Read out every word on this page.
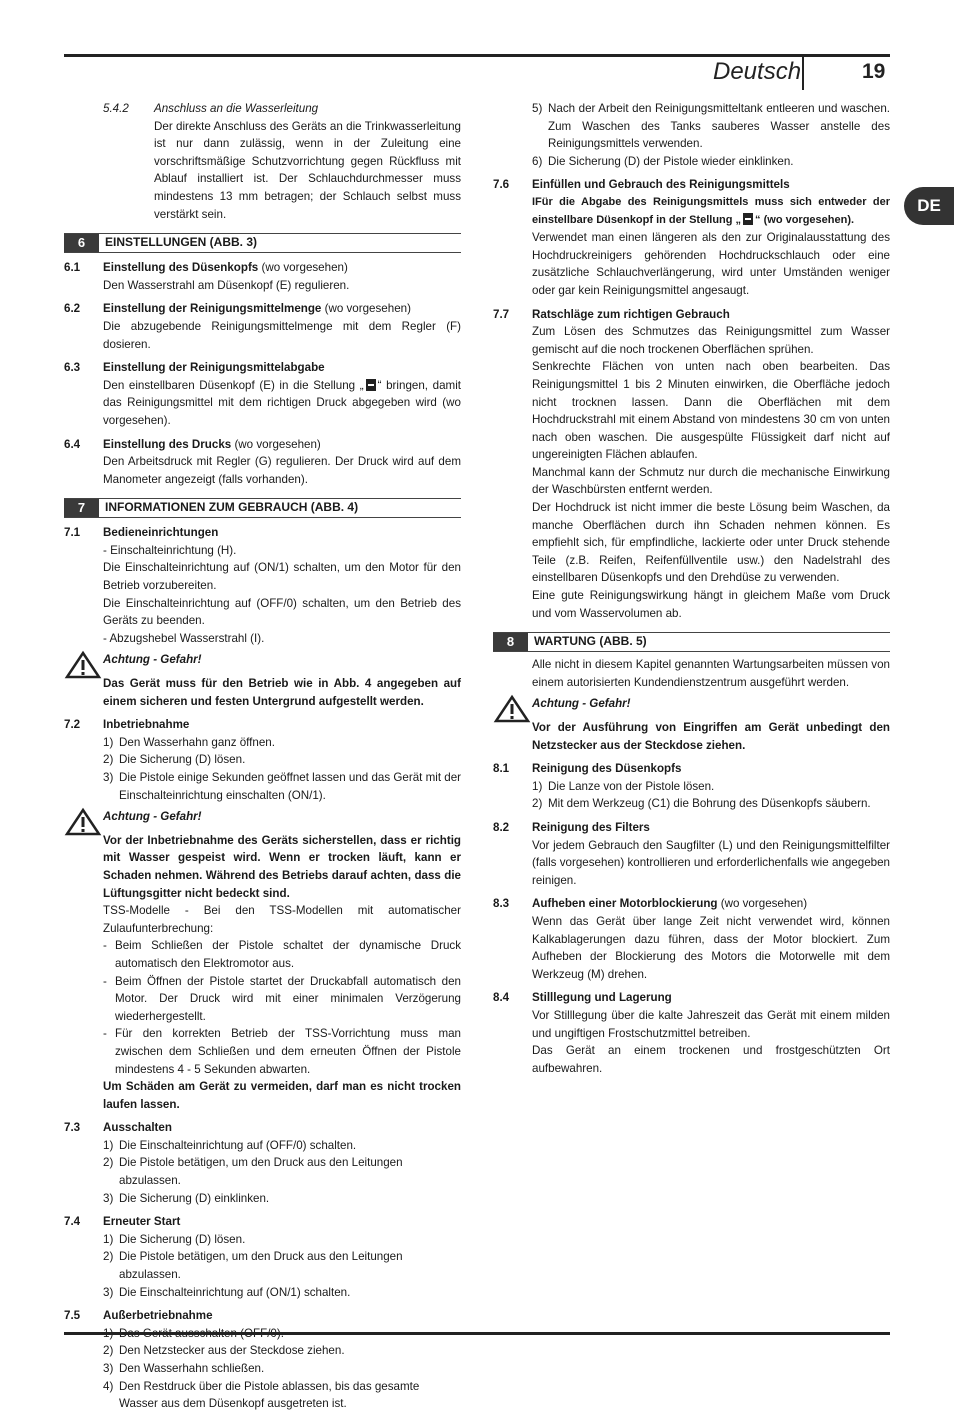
Deutsch	19
DE
5.4.2	Anschluss an die Wasserleitung
Der direkte Anschluss des Geräts an die Trinkwasserleitung ist nur dann zulässig, wenn in der Zuleitung eine vorschriftsmäßige Schutzvorrichtung gegen Rückfluss mit Ablauf installiert ist. Der Schlauchdurchmesser muss mindestens 13 mm betragen; der Schlauch selbst muss verstärkt sein.
6	EINSTELLUNGEN (ABB. 3)
6.1	Einstellung des Düsenkopfs (wo vorgesehen)
Den Wasserstrahl am Düsenkopf (E) regulieren.
6.2	Einstellung der Reinigungsmittelmenge (wo vorgesehen)
Die abzugebende Reinigungsmittelmenge mit dem Regler (F) dosieren.
6.3	Einstellung der Reinigungsmittelabgabe
Den einstellbaren Düsenkopf (E) in die Stellung „ “ bringen, damit das Reinigungsmittel mit dem richtigen Druck abgegeben wird (wo vorgesehen).
6.4	Einstellung des Drucks (wo vorgesehen)
Den Arbeitsdruck mit Regler (G) regulieren. Der Druck wird auf dem Manometer angezeigt (falls vorhanden).
7	INFORMATIONEN ZUM GEBRAUCH (ABB. 4)
7.1	Bedieneinrichtungen
- Einschalteinrichtung (H).
Die Einschalteinrichtung auf (ON/1) schalten, um den Motor für den Betrieb vorzubereiten.
Die Einschalteinrichtung auf (OFF/0) schalten, um den Betrieb des Geräts zu beenden.
- Abzugshebel Wasserstrahl (I).
Achtung - Gefahr!
Das Gerät muss für den Betrieb wie in Abb. 4 angegeben auf einem sicheren und festen Untergrund aufgestellt werden.
7.2	Inbetriebnahme
1) Den Wasserhahn ganz öffnen.
2) Die Sicherung (D) lösen.
3) Die Pistole einige Sekunden geöffnet lassen und das Gerät mit der Einschalteinrichtung einschalten (ON/1).
Achtung - Gefahr!
Vor der Inbetriebnahme des Geräts sicherstellen, dass er richtig mit Wasser gespeist wird. Wenn er trocken läuft, kann er Schaden nehmen. Während des Betriebs darauf achten, dass die Lüftungsgitter nicht bedeckt sind.
TSS-Modelle - Bei den TSS-Modellen mit automatischer Zulaufunterbrechung:
- Beim Schließen der Pistole schaltet der dynamische Druck automatisch den Elektromotor aus.
- Beim Öffnen der Pistole startet der Druckabfall automatisch den Motor. Der Druck wird mit einer minimalen Verzögerung wiederhergestellt.
- Für den korrekten Betrieb der TSS-Vorrichtung muss man zwischen dem Schließen und dem erneuten Öffnen der Pistole mindestens 4 - 5 Sekunden abwarten.
Um Schäden am Gerät zu vermeiden, darf man es nicht trocken laufen lassen.
7.3	Ausschalten
1) Die Einschalteinrichtung auf (OFF/0) schalten.
2) Die Pistole betätigen, um den Druck aus den Leitungen abzulassen.
3) Die Sicherung (D) einklinken.
7.4	Erneuter Start
1) Die Sicherung (D) lösen.
2) Die Pistole betätigen, um den Druck aus den Leitungen abzulassen.
3) Die Einschalteinrichtung auf (ON/1) schalten.
7.5	Außerbetriebnahme
2) Den Netzstecker aus der Steckdose ziehen.
3) Den Wasserhahn schließen.
4) Den Restdruck über die Pistole ablassen, bis das gesamte Wasser aus dem Düsenkopf ausgetreten ist.
5) Nach der Arbeit den Reinigungsmitteltank entleeren und waschen. Zum Waschen des Tanks sauberes Wasser anstelle des Reinigungsmittels verwenden.
6) Die Sicherung (D) der Pistole wieder einklinken.
7.6	Einfüllen und Gebrauch des Reinigungsmittels
IFür die Abgabe des Reinigungsmittels muss sich entweder der einstellbare Düsenkopf in der Stellung „ “ (wo vorgesehen).
Verwendet man einen längeren als den zur Originalausstattung des Hochdruckreinigers gehörenden Hochdruckschlauch oder eine zusätzliche Schlauchverlängerung, wird unter Umständen weniger oder gar kein Reinigungsmittel angesaugt.
7.7	Ratschläge zum richtigen Gebrauch
Zum Lösen des Schmutzes das Reinigungsmittel zum Wasser gemischt auf die noch trockenen Oberflächen sprühen.
Senkrechte Flächen von unten nach oben bearbeiten. Das Reinigungsmittel 1 bis 2 Minuten einwirken, die Oberfläche jedoch nicht trocknen lassen. Dann die Oberflächen mit dem Hochdruckstrahl mit einem Abstand von mindestens 30 cm von unten nach oben waschen. Die ausgespülte Flüssigkeit darf nicht auf ungereinigten Flächen ablaufen.
Manchmal kann der Schmutz nur durch die mechanische Einwirkung der Waschbürsten entfernt werden.
Der Hochdruck ist nicht immer die beste Lösung beim Waschen, da manche Oberflächen durch ihn Schaden nehmen können. Es empfiehlt sich, für empfindliche, lackierte oder unter Druck stehende Teile (z.B. Reifen, Reifenfüllventile usw.) den Nadelstrahl des einstellbaren Düsenkopfs und den Drehdüse zu verwenden.
Eine gute Reinigungswirkung hängt in gleichem Maße vom Druck und vom Wasservolumen ab.
8	WARTUNG (ABB. 5)
Alle nicht in diesem Kapitel genannten Wartungsarbeiten müssen von einem autorisierten Kundendienstzentrum ausgeführt werden.
Achtung - Gefahr!
Vor der Ausführung von Eingriffen am Gerät unbedingt den Netzstecker aus der Steckdose ziehen.
8.1	Reinigung des Düsenkopfs
1) Die Lanze von der Pistole lösen.
2) Mit dem Werkzeug (C1) die Bohrung des Düsenkopfs säubern.
8.2	Reinigung des Filters
Vor jedem Gebrauch den Saugfilter (L) und den Reinigungsmittelfilter (falls vorgesehen) kontrollieren und erforderlichenfalls wie angegeben reinigen.
8.3	Aufheben einer Motorblockierung (wo vorgesehen)
Wenn das Gerät über lange Zeit nicht verwendet wird, können Kalkablagerungen dazu führen, dass der Motor blockiert. Zum Aufheben der Blockierung des Motors die Motorwelle mit dem Werkzeug (M) drehen.
8.4	Stilllegung und Lagerung
Vor Stilllegung über die kalte Jahreszeit das Gerät mit einem milden und ungiftigen Frostschutzmittel betreiben.
Das Gerät an einem trockenen und frostgeschützten Ort aufbewahren.
